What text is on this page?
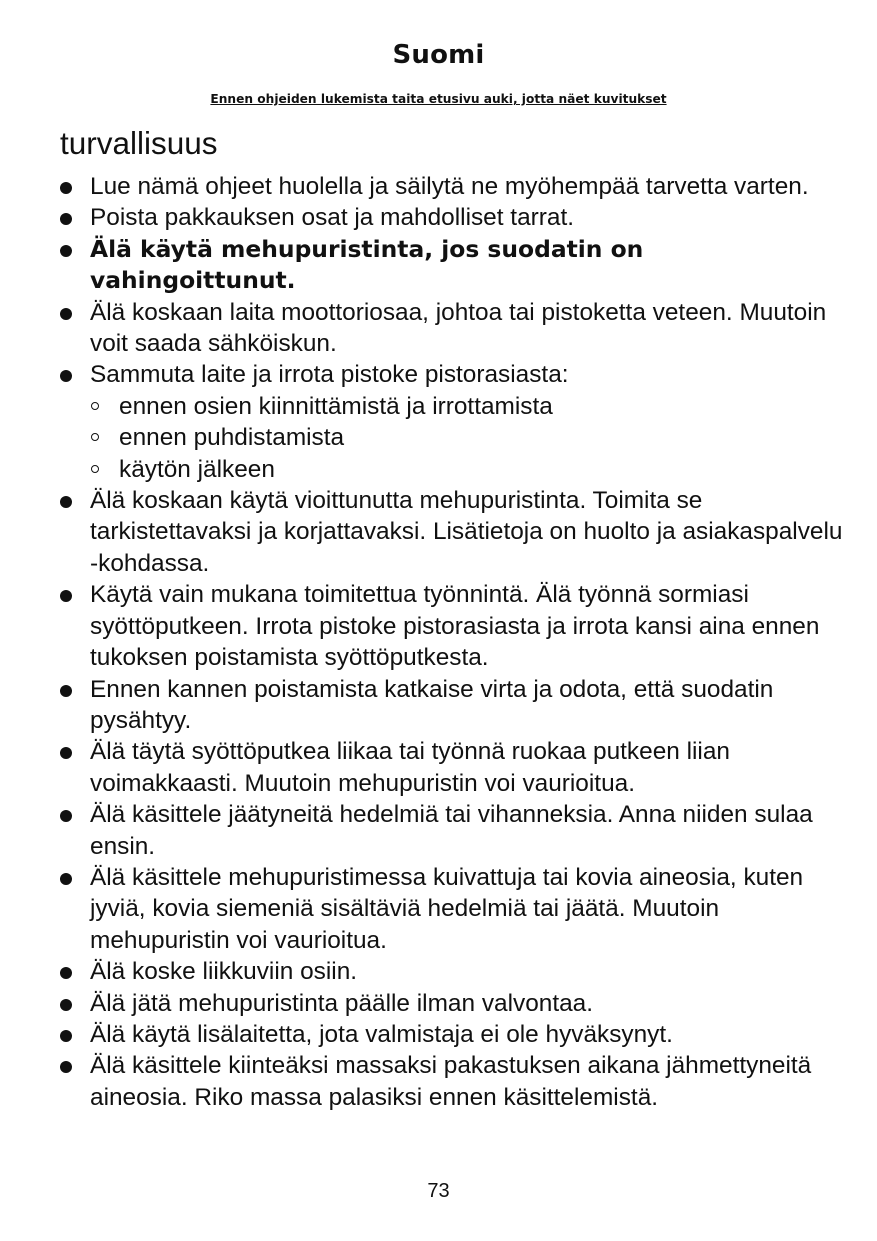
Suomi
Ennen ohjeiden lukemista taita etusivu auki, jotta näet kuvitukset
turvallisuus
Lue nämä ohjeet huolella ja säilytä ne myöhempää tarvetta varten.
Poista pakkauksen osat ja mahdolliset tarrat.
Älä käytä mehupuristinta, jos suodatin on vahingoittunut.
Älä koskaan laita moottoriosaa, johtoa tai pistoketta veteen. Muutoin voit saada sähköiskun.
Sammuta laite ja irrota pistoke pistorasiasta:
ennen osien kiinnittämistä ja irrottamista
ennen puhdistamista
käytön jälkeen
Älä koskaan käytä vioittunutta mehupuristinta. Toimita se tarkistettavaksi ja korjattavaksi. Lisätietoja on huolto ja asiakaspalvelu -kohdassa.
Käytä vain mukana toimitettua työnnintä. Älä työnnä sormiasi syöttöputkeen. Irrota pistoke pistorasiasta ja irrota kansi aina ennen tukoksen poistamista syöttöputkesta.
Ennen kannen poistamista katkaise virta ja odota, että suodatin pysähtyy.
Älä täytä syöttöputkea liikaa tai työnnä ruokaa putkeen liian voimakkaasti. Muutoin mehupuristin voi vaurioitua.
Älä käsittele jäätyneitä hedelmiä tai vihanneksia. Anna niiden sulaa ensin.
Älä käsittele mehupuristimessa kuivattuja tai kovia aineosia, kuten jyviä, kovia siemeniä sisältäviä hedelmiä tai jäätä. Muutoin mehupuristin voi vaurioitua.
Älä koske liikkuviin osiin.
Älä jätä mehupuristinta päälle ilman valvontaa.
Älä käytä lisälaitetta, jota valmistaja ei ole hyväksynyt.
Älä käsittele kiinteäksi massaksi pakastuksen aikana jähmettyneitä aineosia. Riko massa palasiksi ennen käsittelemistä.
73
